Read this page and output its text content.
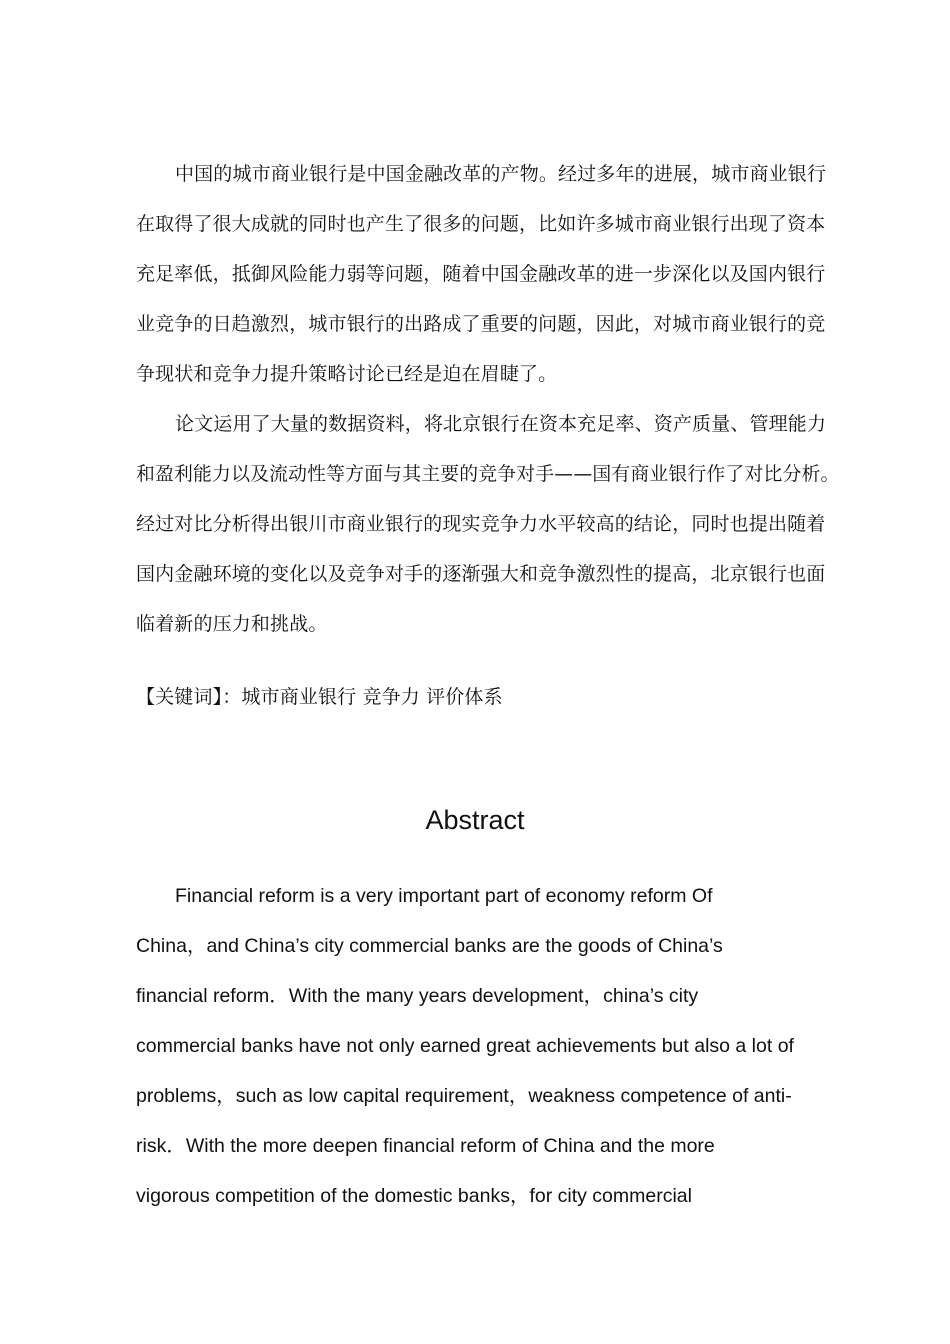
中国的城市商业银行是中国金融改革的产物。经过多年的进展，城市商业银行
在取得了很大成就的同时也产生了很多的问题，比如许多城市商业银行出现了资本
充足率低，抵御风险能力弱等问题，随着中国金融改革的进一步深化以及国内银行
业竞争的日趋激烈，城市银行的出路成了重要的问题，因此，对城市商业银行的竞
争现状和竞争力提升策略讨论已经是迫在眉睫了。
论文运用了大量的数据资料，将北京银行在资本充足率、资产质量、管理能力
和盈利能力以及流动性等方面与其主要的竞争对手——国有商业银行作了对比分析。
经过对比分析得出银川市商业银行的现实竞争力水平较高的结论，同时也提出随着
国内金融环境的变化以及竞争对手的逐渐强大和竞争激烈性的提高，北京银行也面
临着新的压力和挑战。
【关键词】：城市商业银行 竞争力 评价体系
Abstract
Financial reform is a very important part of economy reform Of
China，and China’s city commercial banks are the goods of China’s
financial reform．With the many years development，china’s city
commercial banks have not only earned great achievements but also a lot of
problems，such as low capital requirement，weakness competence of anti-
risk．With the more deepen financial reform of China and the more
vigorous competition of the domestic banks，for city commercial
